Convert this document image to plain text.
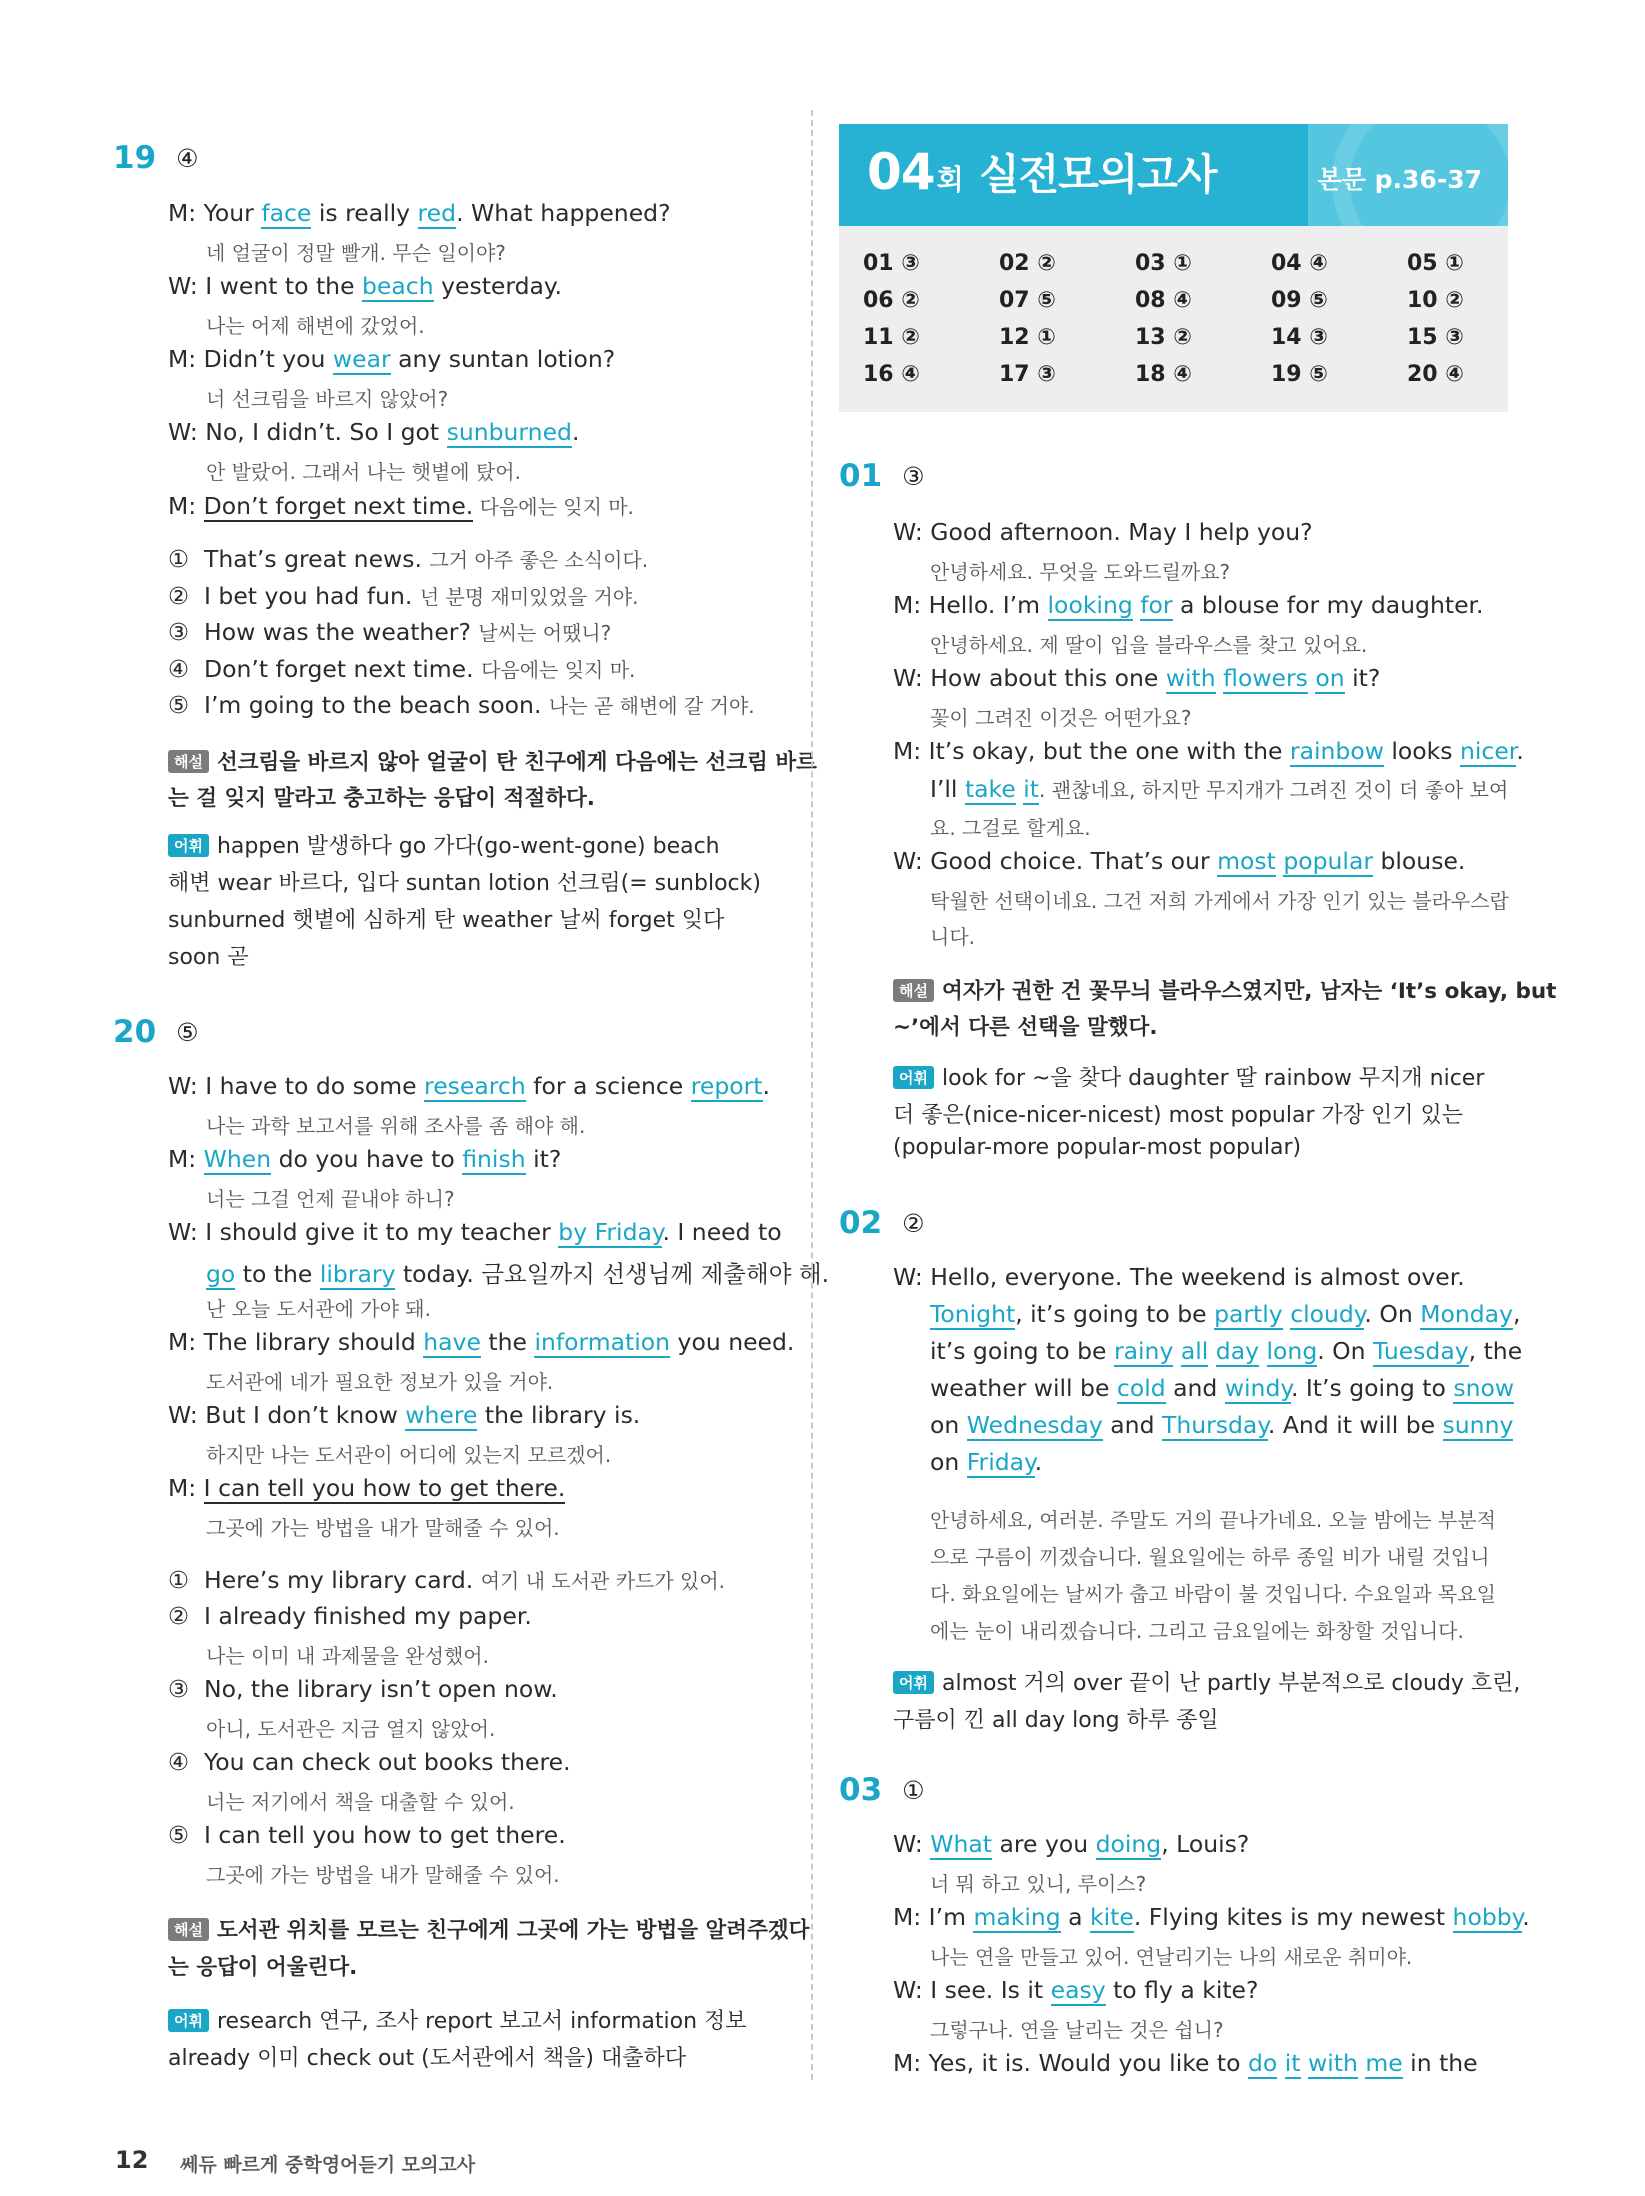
19 ④
M: Your face is really red. What happened?
네 얼굴이 정말 빨개. 무슨 일이야?
W: I went to the beach yesterday.
나는 어제 해변에 갔었어.
M: Didn’t you wear any suntan lotion?
너 선크림을 바르지 않았어?
W: No, I didn’t. So I got sunburned.
안 발랐어. 그래서 나는 햇볕에 탔어.
M: Don’t forget next time. 다음에는 잊지 마.
① That’s great news. 그거 아주 좋은 소식이다.
② I bet you had fun. 넌 분명 재미있었을 거야.
③ How was the weather? 날씨는 어땠니?
④ Don’t forget next time. 다음에는 잊지 마.
⑤ I’m going to the beach soon. 나는 곧 해변에 갈 거야.
해설 선크림을 바르지 않아 얼굴이 탄 친구에게 다음에는 선크림 바르
는 걸 잊지 말라고 충고하는 응답이 적절하다.
어휘 happen 발생하다 go 가다(go-went-gone) beach
해변 wear 바르다, 입다 suntan lotion 선크림(= sunblock)
sunburned 햇볕에 심하게 탄 weather 날씨 forget 잊다
soon 곧
20 ⑤
W: I have to do some research for a science report.
나는 과학 보고서를 위해 조사를 좀 해야 해.
M: When do you have to finish it?
너는 그걸 언제 끝내야 하니?
W: I should give it to my teacher by Friday. I need to
go to the library today. 금요일까지 선생님께 제출해야 해.
난 오늘 도서관에 가야 돼.
M: The library should have the information you need.
도서관에 네가 필요한 정보가 있을 거야.
W: But I don’t know where the library is.
하지만 나는 도서관이 어디에 있는지 모르겠어.
M: I can tell you how to get there.
그곳에 가는 방법을 내가 말해줄 수 있어.
① Here’s my library card. 여기 내 도서관 카드가 있어.
② I already finished my paper.
나는 이미 내 과제물을 완성했어.
③ No, the library isn’t open now.
아니, 도서관은 지금 열지 않았어.
④ You can check out books there.
너는 저기에서 책을 대출할 수 있어.
⑤ I can tell you how to get there.
그곳에 가는 방법을 내가 말해줄 수 있어.
해설 도서관 위치를 모르는 친구에게 그곳에 가는 방법을 알려주겠다
는 응답이 어울린다.
어휘 research 연구, 조사 report 보고서 information 정보
already 이미 check out (도서관에서 책을) 대출하다
04회 실전모의고사	본문 p.36-37
01 ③	02 ②	03 ①	04 ④	05 ①
06 ②	07 ⑤	08 ④	09 ⑤	10 ②
11 ②	12 ①	13 ②	14 ③	15 ③
16 ④	17 ③	18 ④	19 ⑤	20 ④
01 ③
W: Good afternoon. May I help you?
안녕하세요. 무엇을 도와드릴까요?
M: Hello. I’m looking for a blouse for my daughter.
안녕하세요. 제 딸이 입을 블라우스를 찾고 있어요.
W: How about this one with flowers on it?
꽃이 그려진 이것은 어떤가요?
M: It’s okay, but the one with the rainbow looks nicer.
I’ll take it. 괜찮네요, 하지만 무지개가 그려진 것이 더 좋아 보여
요. 그걸로 할게요.
W: Good choice. That’s our most popular blouse.
탁월한 선택이네요. 그건 저희 가게에서 가장 인기 있는 블라우스랍
니다.
해설 여자가 권한 건 꽃무늬 블라우스였지만, 남자는 ‘It’s okay, but
~’에서 다른 선택을 말했다.
어휘 look for ~을 찾다 daughter 딸 rainbow 무지개 nicer
더 좋은(nice-nicer-nicest) most popular 가장 인기 있는
(popular-more popular-most popular)
02 ②
W: Hello, everyone. The weekend is almost over.
Tonight, it’s going to be partly cloudy. On Monday,
it’s going to be rainy all day long. On Tuesday, the
weather will be cold and windy. It’s going to snow
on Wednesday and Thursday. And it will be sunny
on Friday.
안녕하세요, 여러분. 주말도 거의 끝나가네요. 오늘 밤에는 부분적
으로 구름이 끼겠습니다. 월요일에는 하루 종일 비가 내릴 것입니
다. 화요일에는 날씨가 춥고 바람이 불 것입니다. 수요일과 목요일
에는 눈이 내리겠습니다. 그리고 금요일에는 화창할 것입니다.
어휘 almost 거의 over 끝이 난 partly 부분적으로 cloudy 흐린,
구름이 낀 all day long 하루 종일
03 ①
W: What are you doing, Louis?
너 뭐 하고 있니, 루이스?
M: I’m making a kite. Flying kites is my newest hobby.
나는 연을 만들고 있어. 연날리기는 나의 새로운 취미야.
W: I see. Is it easy to fly a kite?
그렇구나. 연을 날리는 것은 쉽니?
M: Yes, it is. Would you like to do it with me in the
12 쎄듀 빠르게 중학영어듣기 모의고사
